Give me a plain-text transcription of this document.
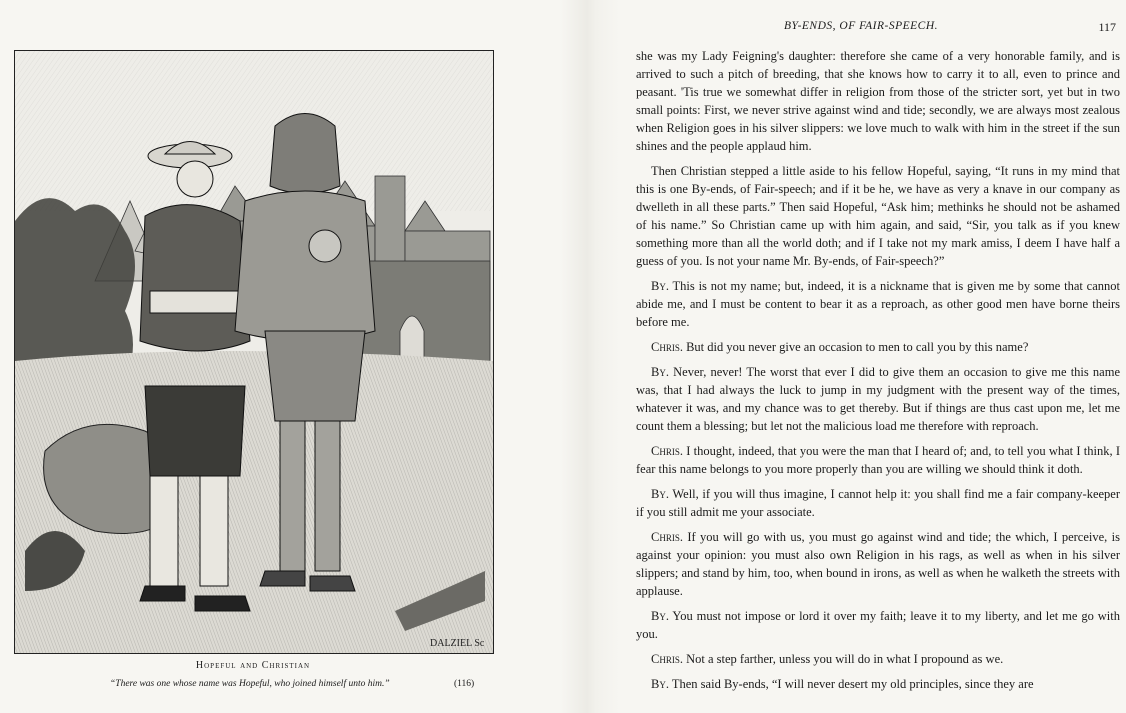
DALZIEL Sc
Hopeful and Christian
“There was one whose name was Hopeful, who joined himself unto him.”	(116)
BY-ENDS, OF FAIR-SPEECH.	117

she was my Lady Feigning's daughter: therefore she came of a very honorable family, and is arrived to such a pitch of breeding, that she knows how to carry it to all, even to prince and peasant. 'Tis true we somewhat differ in religion from those of the stricter sort, yet but in two small points: First, we never strive against wind and tide; secondly, we are always most zealous when Religion goes in his silver slippers: we love much to walk with him in the street if the sun shines and the people applaud him.

Then Christian stepped a little aside to his fellow Hopeful, saying, “It runs in my mind that this is one By-ends, of Fair-speech; and if it be he, we have as very a knave in our company as dwelleth in all these parts.” Then said Hopeful, “Ask him; methinks he should not be ashamed of his name.” So Christian came up with him again, and said, “Sir, you talk as if you knew something more than all the world doth; and if I take not my mark amiss, I deem I have half a guess of you. Is not your name Mr. By-ends, of Fair-speech?”

By. This is not my name; but, indeed, it is a nickname that is given me by some that cannot abide me, and I must be content to bear it as a reproach, as other good men have borne theirs before me.

Chris. But did you never give an occasion to men to call you by this name?

By. Never, never! The worst that ever I did to give them an occasion to give me this name was, that I had always the luck to jump in my judgment with the present way of the times, whatever it was, and my chance was to get thereby. But if things are thus cast upon me, let me count them a blessing; but let not the malicious load me therefore with reproach.

Chris. I thought, indeed, that you were the man that I heard of; and, to tell you what I think, I fear this name belongs to you more properly than you are willing we should think it doth.

By. Well, if you will thus imagine, I cannot help it: you shall find me a fair company-keeper if you still admit me your associate.

Chris. If you will go with us, you must go against wind and tide; the which, I perceive, is against your opinion: you must also own Religion in his rags, as well as when in his silver slippers; and stand by him, too, when bound in irons, as well as when he walketh the streets with applause.

By. You must not impose or lord it over my faith; leave it to my liberty, and let me go with you.

Chris. Not a step farther, unless you will do in what I propound as we.

By. Then said By-ends, “I will never desert my old principles, since they are
